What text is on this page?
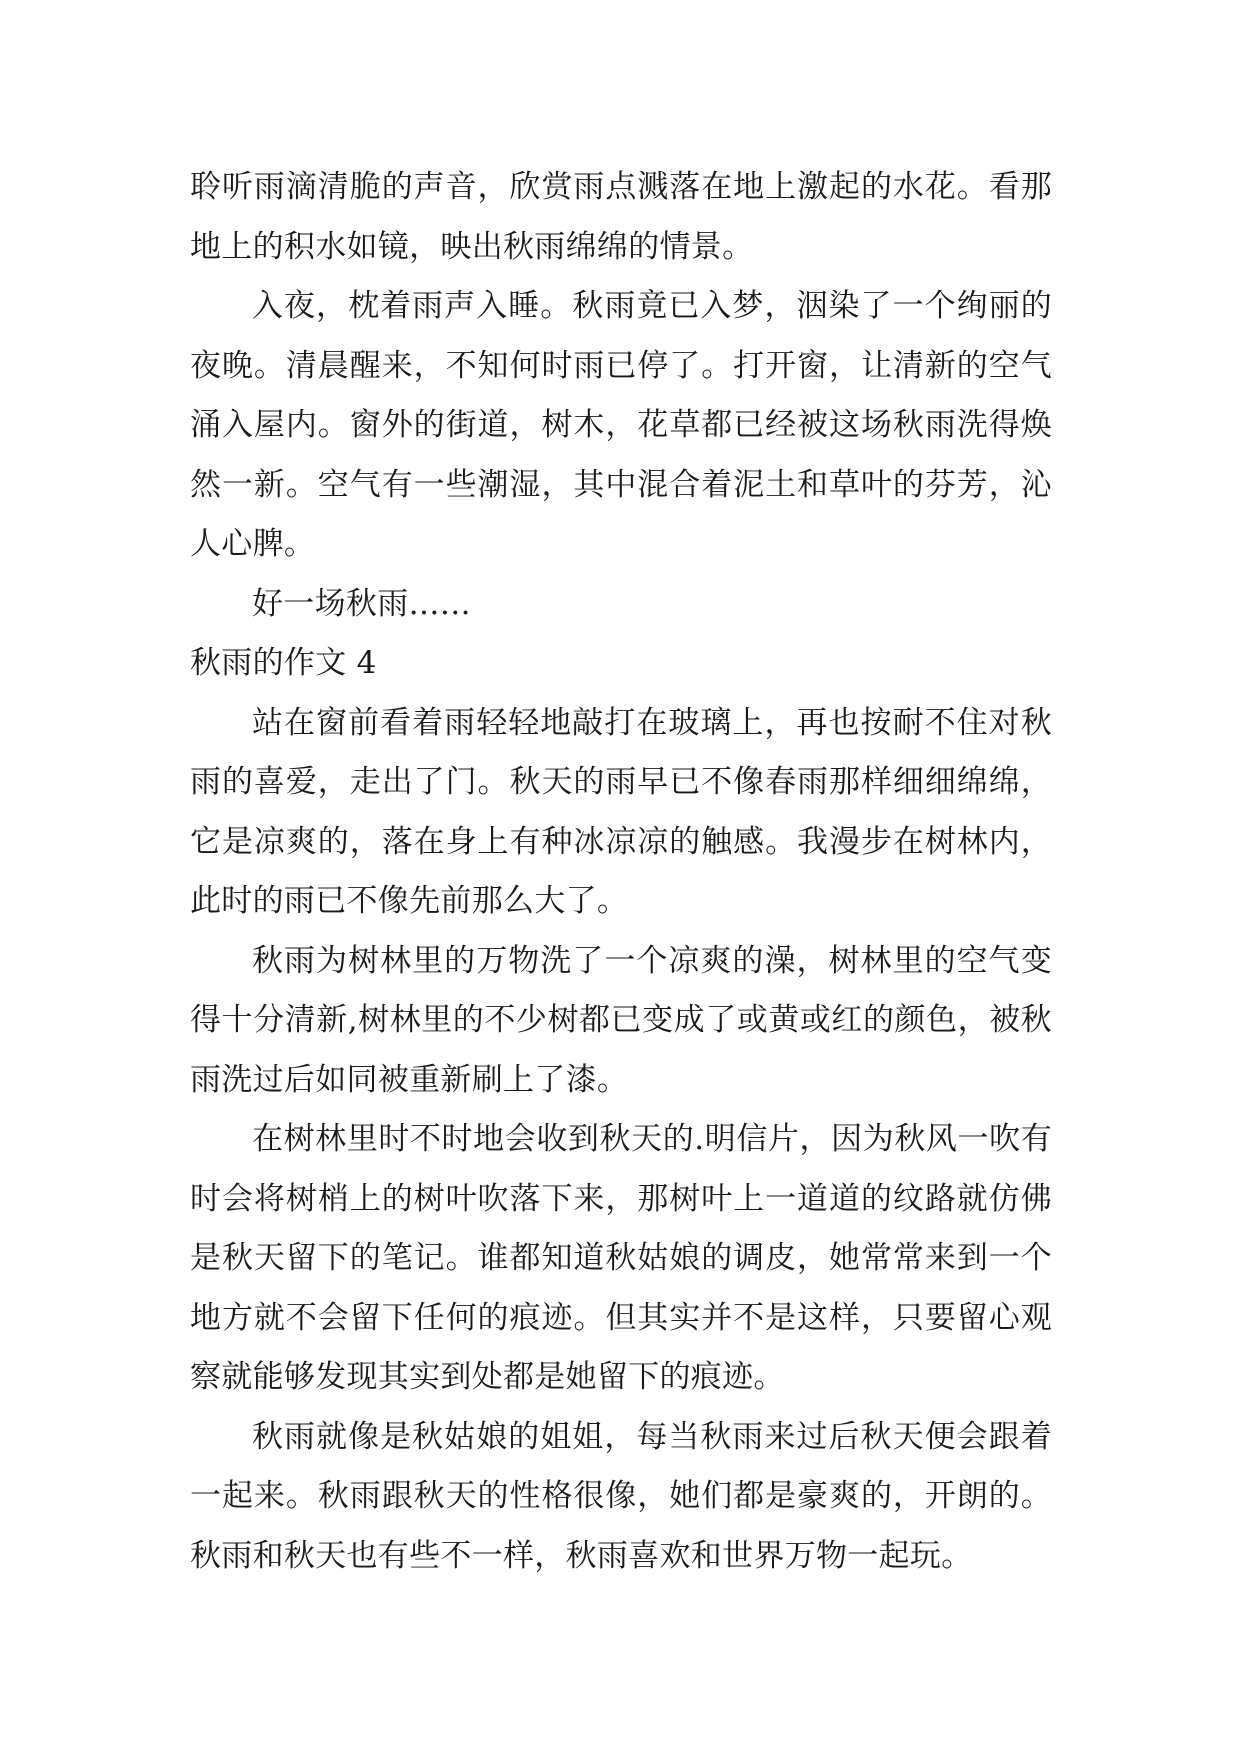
聆听雨滴清脆的声音，欣赏雨点溅落在地上激起的水花。看那地上的积水如镜，映出秋雨绵绵的情景。

入夜，枕着雨声入睡。秋雨竟已入梦，洇染了一个绚丽的夜晚。清晨醒来，不知何时雨已停了。打开窗，让清新的空气涌入屋内。窗外的街道，树木，花草都已经被这场秋雨洗得焕然一新。空气有一些潮湿，其中混合着泥土和草叶的芬芳，沁人心脾。

好一场秋雨……

秋雨的作文 4

站在窗前看着雨轻轻地敲打在玻璃上，再也按耐不住对秋雨的喜爱，走出了门。秋天的雨早已不像春雨那样细细绵绵，它是凉爽的，落在身上有种冰凉凉的触感。我漫步在树林内，此时的雨已不像先前那么大了。

秋雨为树林里的万物洗了一个凉爽的澡，树林里的空气变得十分清新,树林里的不少树都已变成了或黄或红的颜色，被秋雨洗过后如同被重新刷上了漆。

在树林里时不时地会收到秋天的.明信片，因为秋风一吹有时会将树梢上的树叶吹落下来，那树叶上一道道的纹路就仿佛是秋天留下的笔记。谁都知道秋姑娘的调皮，她常常来到一个地方就不会留下任何的痕迹。但其实并不是这样，只要留心观察就能够发现其实到处都是她留下的痕迹。

秋雨就像是秋姑娘的姐姐，每当秋雨来过后秋天便会跟着一起来。秋雨跟秋天的性格很像，她们都是豪爽的，开朗的。秋雨和秋天也有些不一样，秋雨喜欢和世界万物一起玩。
